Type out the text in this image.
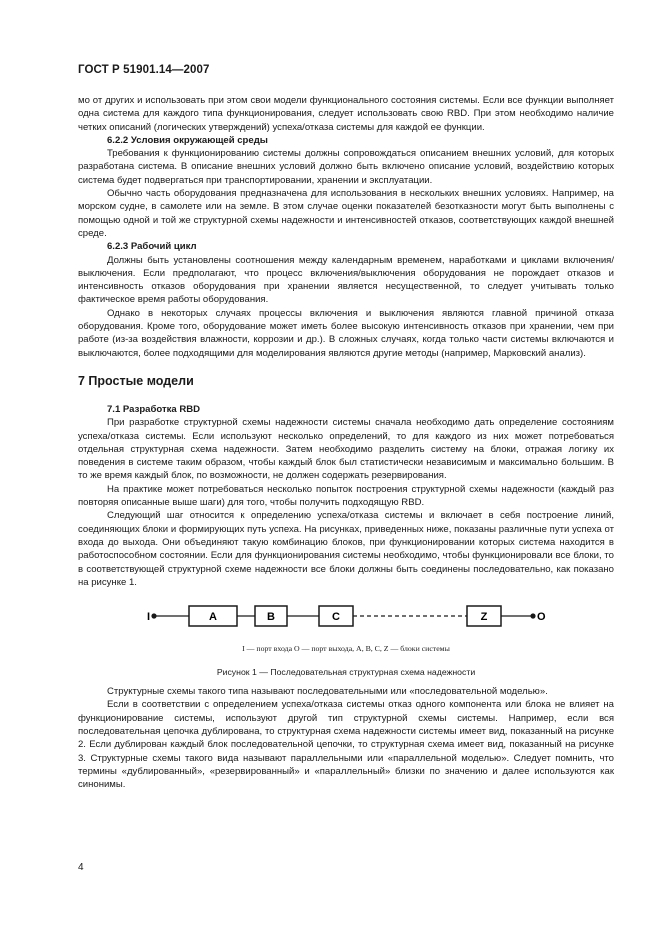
ГОСТ Р 51901.14—2007

мо от других и использовать при этом свои модели функционального состояния системы. Если все функции выполняет одна система для каждого типа функционирования, следует использовать свою RBD. При этом необходимо наличие четких описаний (логических утверждений) успеха/отказа системы для каждой ее функции.

6.2.2 Условия окружающей среды

Требования к функционированию системы должны сопровождаться описанием внешних условий, для которых разработана система. В описание внешних условий должно быть включено описание условий, воздействию которых система будет подвергаться при транспортировании, хранении и эксплуатации.

Обычно часть оборудования предназначена для использования в нескольких внешних условиях. Например, на морском судне, в самолете или на земле. В этом случае оценки показателей безотказности могут быть выполнены с помощью одной и той же структурной схемы надежности и интенсивностей отказов, соответствующих каждой внешней среде.

6.2.3 Рабочий цикл

Должны быть установлены соотношения между календарным временем, наработками и циклами включения/выключения. Если предполагают, что процесс включения/выключения оборудования не порождает отказов и интенсивность отказов оборудования при хранении является несущественной, то следует учитывать только фактическое время работы оборудования.

Однако в некоторых случаях процессы включения и выключения являются главной причиной отказа оборудования. Кроме того, оборудование может иметь более высокую интенсивность отказов при хранении, чем при работе (из-за воздействия влажности, коррозии и др.). В сложных случаях, когда только части системы включаются и выключаются, более подходящими для моделирования являются другие методы (например, Марковский анализ).

7 Простые модели

7.1 Разработка RBD

При разработке структурной схемы надежности системы сначала необходимо дать определение состояниям успеха/отказа системы. Если используют несколько определений, то для каждого из них может потребоваться отдельная структурная схема надежности. Затем необходимо разделить систему на блоки, отражая логику их поведения в системе таким образом, чтобы каждый блок был статистически независимым и максимально большим. В то же время каждый блок, по возможности, не должен содержать резервирования.

На практике может потребоваться несколько попыток построения структурной схемы надежности (каждый раз повторяя описанные выше шаги) для того, чтобы получить подходящую RBD.

Следующий шаг относится к определению успеха/отказа системы и включает в себя построение линий, соединяющих блоки и формирующих путь успеха. На рисунках, приведенных ниже, показаны различные пути успеха от входа до выхода. Они объединяют такую комбинацию блоков, при функционировании которых система находится в работоспособном состоянии. Если для функционирования системы необходимо, чтобы функционировали все блоки, то в соответствующей структурной схеме надежности все блоки должны быть соединены последовательно, как показано на рисунке 1.

I	A	B	C	Z	O
I — порт входа O — порт выхода, А, В, С, Z — блоки системы
Рисунок 1 — Последовательная структурная схема надежности

Структурные схемы такого типа называют последовательными или «последовательной моделью».

Если в соответствии с определением успеха/отказа системы отказ одного компонента или блока не влияет на функционирование системы, используют другой тип структурной схемы системы. Например, если вся последовательная цепочка дублирована, то структурная схема надежности системы имеет вид, показанный на рисунке 2. Если дублирован каждый блок последовательной цепочки, то структурная схема имеет вид, показанный на рисунке 3. Структурные схемы такого вида называют параллельными или «параллельной моделью». Следует помнить, что термины «дублированный», «резервированный» и «параллельный» близки по значению и далее используются как синонимы.

4
